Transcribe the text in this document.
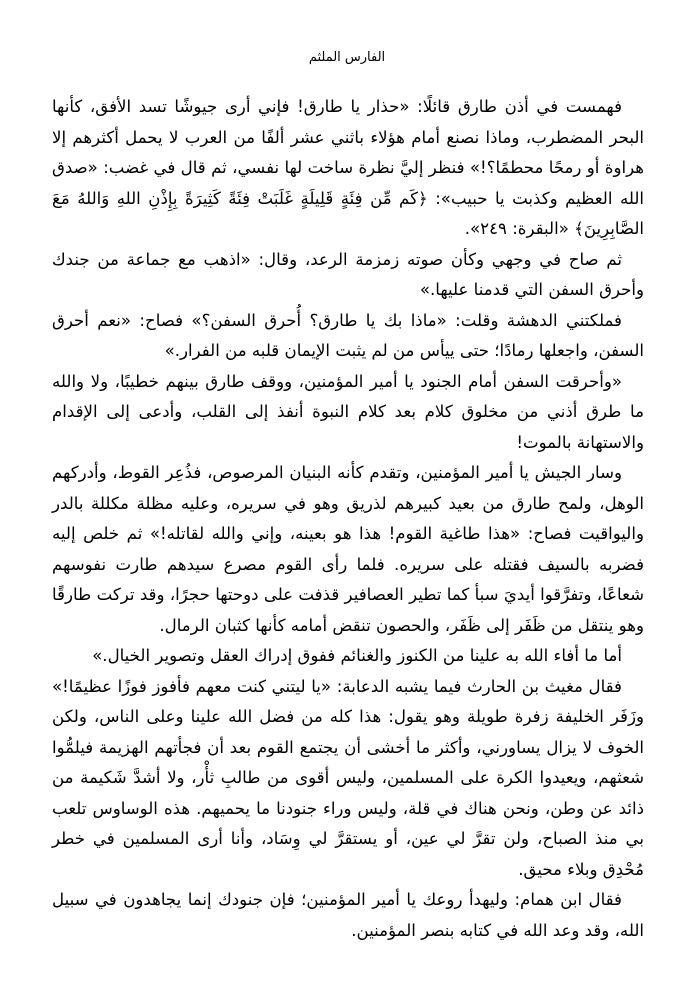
الفارس الملثم

فهمست في أذن طارق قائلًا: «حذار يا طارق! فإني أرى جيوشًا تسد الأفق، كأنها البحر المضطرب، وماذا نصنع أمام هؤلاء باثني عشر ألفًا من العرب لا يحمل أكثرهم إلا هراوة أو رمحًا محطمًا؟!» فنظر إليَّ نظرة ساخت لها نفسي، ثم قال في غضب: «صدق الله العظيم وكذبت يا حبيب»: ﴿كَم مِّن فِئَةٍ قَلِيلَةٍ غَلَبَتْ فِئَةً كَثِيرَةً بِإِذْنِ اللهِ وَاللهُ مَعَ الصَّابِرِينَ﴾ «البقرة: ٢٤٩».

ثم صاح في وجهي وكأن صوته زمزمة الرعد، وقال: «اذهب مع جماعة من جندك وأحرق السفن التي قدمنا عليها.»

فملكتني الدهشة وقلت: «ماذا بك يا طارق؟ أُحرق السفن؟» فصاح: «نعم أحرق السفن، واجعلها رمادًا؛ حتى ييأس من لم يثبت الإيمان قلبه من الفرار.»

«وأحرقت السفن أمام الجنود يا أمير المؤمنين، ووقف طارق بينهم خطيبًا، ولا والله ما طرق أذني من مخلوق كلام بعد كلام النبوة أنفذ إلى القلب، وأدعى إلى الإقدام والاستهانة بالموت!

وسار الجيش يا أمير المؤمنين، وتقدم كأنه البنيان المرصوص، فذُعِر القوط، وأدركهم الوهل، ولمح طارق من بعيد كبيرهم لذريق وهو في سريره، وعليه مظلة مكللة بالدر واليواقيت فصاح: «هذا طاغية القوم! هذا هو بعينه، وإني والله لقاتله!» ثم خلص إليه فضربه بالسيف فقتله على سريره. فلما رأى القوم مصرع سيدهم طارت نفوسهم شعاعًا، وتفرَّقوا أيديَ سبأ كما تطير العصافير قذفت على دوحتها حجرًا، وقد تركت طارقًا وهو ينتقل من ظَفَر إلى ظَفَر، والحصون تنقض أمامه كأنها كثبان الرمال.

أما ما أفاء الله به علينا من الكنوز والغنائم ففوق إدراك العقل وتصوير الخيال.»

فقال مغيث بن الحارث فيما يشبه الدعابة: «يا ليتني كنت معهم فأفوز فوزًا عظيمًا!» وزَفَر الخليفة زفرة طويلة وهو يقول: هذا كله من فضل الله علينا وعلى الناس، ولكن الخوف لا يزال يساورني، وأكثر ما أخشى أن يجتمع القوم بعد أن فجأتهم الهزيمة فيلمُّوا شعثهم، ويعيدوا الكرة على المسلمين، وليس أقوى من طالبِ ثأْر، ولا أشدَّ شَكيمة من ذائد عن وطن، ونحن هناك في قلة، وليس وراء جنودنا ما يحميهم. هذه الوساوس تلعب بي منذ الصباح، ولن تقرَّ لي عين، أو يستقرَّ لي وِسَاد، وأنا أرى المسلمين في خطر مُحْدِق وبلاء محيق.

فقال ابن همام: وليهدأ روعك يا أمير المؤمنين؛ فإن جنودك إنما يجاهدون في سبيل الله، وقد وعد الله في كتابه بنصر المؤمنين.
